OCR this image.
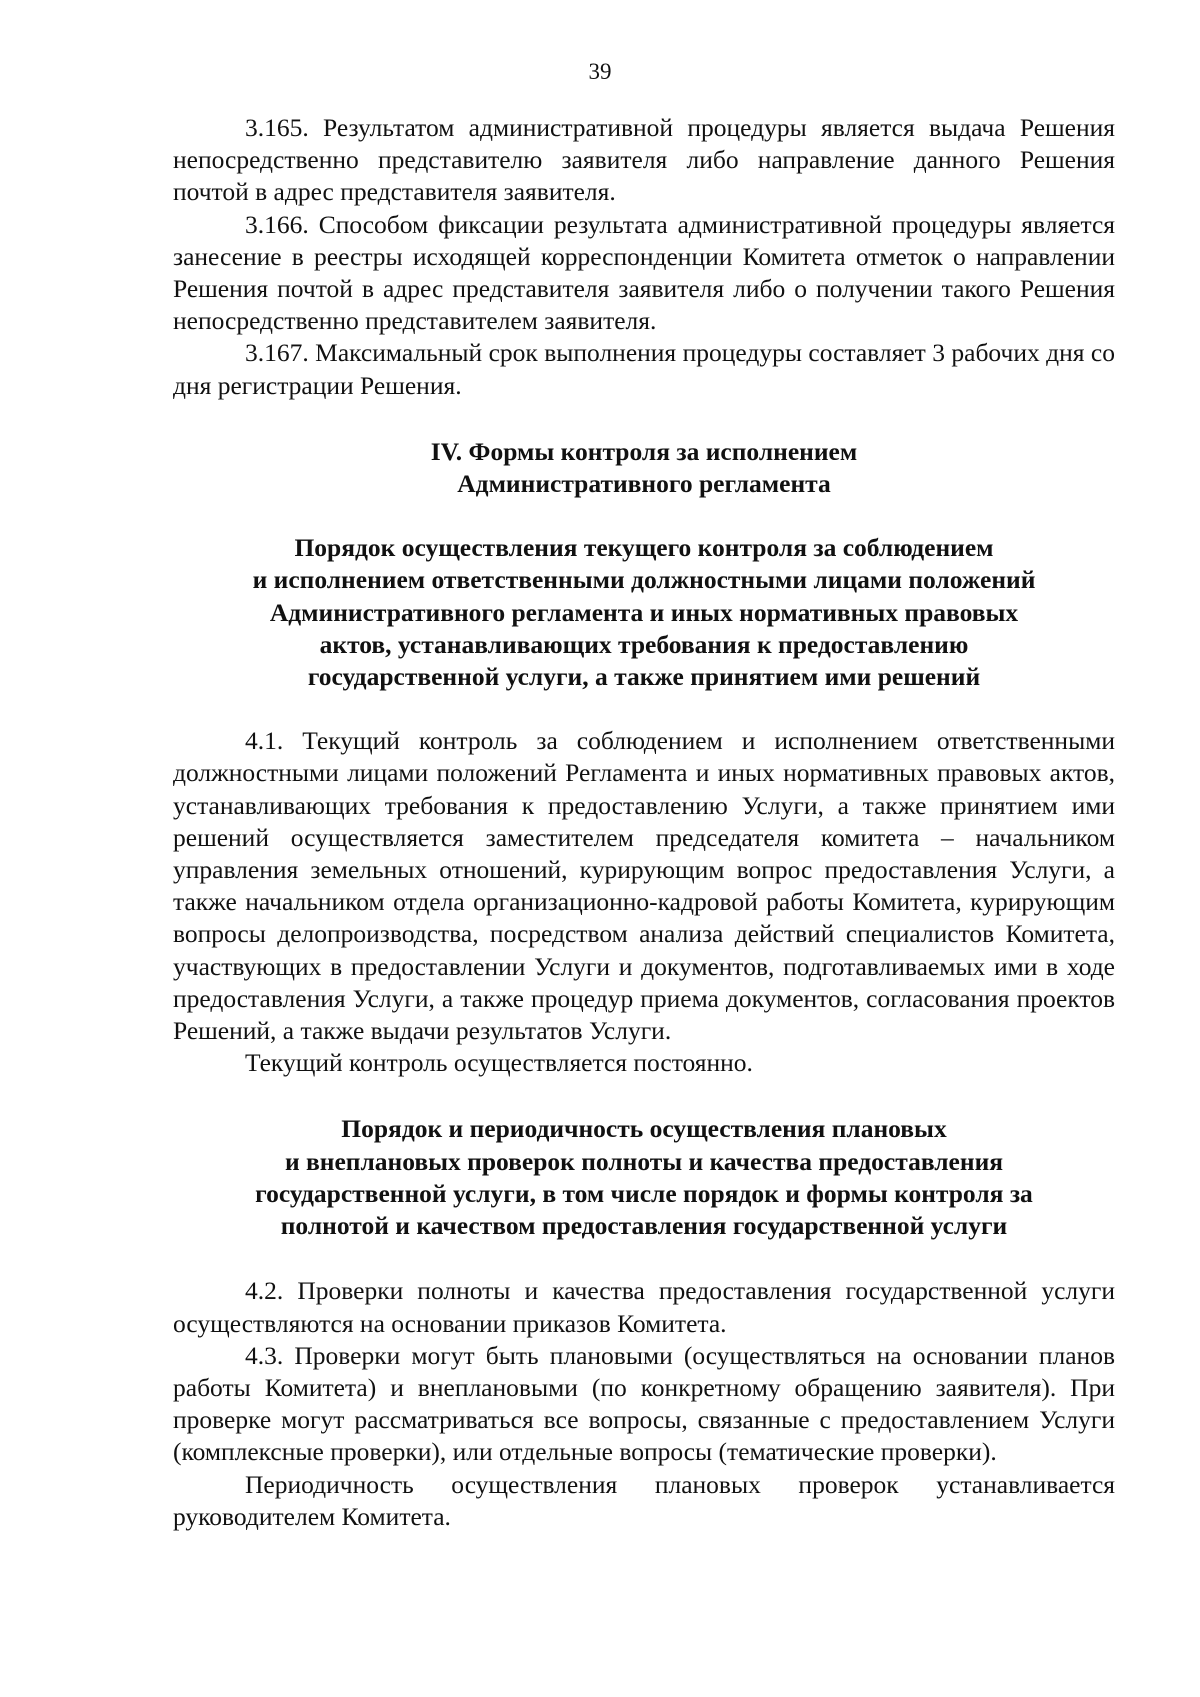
39

3.165. Результатом административной процедуры является выдача Решения непосредственно представителю заявителя либо направление данного Решения почтой в адрес представителя заявителя.

3.166. Способом фиксации результата административной процедуры является занесение в реестры исходящей корреспонденции Комитета отметок о направлении Решения почтой в адрес представителя заявителя либо о получении такого Решения непосредственно представителем заявителя.

3.167. Максимальный срок выполнения процедуры составляет 3 рабочих дня со дня регистрации Решения.

IV. Формы контроля за исполнением
Административного регламента
Порядок осуществления текущего контроля за соблюдением
и исполнением ответственными должностными лицами положений
Административного регламента и иных нормативных правовых
актов, устанавливающих требования к предоставлению
государственной услуги, а также принятием ими решений

4.1. Текущий контроль за соблюдением и исполнением ответственными должностными лицами положений Регламента и иных нормативных правовых актов, устанавливающих требования к предоставлению Услуги, а также принятием ими решений осуществляется заместителем председателя комитета – начальником управления земельных отношений, курирующим вопрос предоставления Услуги, а также начальником отдела организационно-кадровой работы Комитета, курирующим вопросы делопроизводства, посредством анализа действий специалистов Комитета, участвующих в предоставлении Услуги и документов, подготавливаемых ими в ходе предоставления Услуги, а также процедур приема документов, согласования проектов Решений, а также выдачи результатов Услуги.

Текущий контроль осуществляется постоянно.

Порядок и периодичность осуществления плановых
и внеплановых проверок полноты и качества предоставления
государственной услуги, в том числе порядок и формы контроля за
полнотой и качеством предоставления государственной услуги

4.2. Проверки полноты и качества предоставления государственной услуги осуществляются на основании приказов Комитета.

4.3. Проверки могут быть плановыми (осуществляться на основании планов работы Комитета) и внеплановыми (по конкретному обращению заявителя). При проверке могут рассматриваться все вопросы, связанные с предоставлением Услуги (комплексные проверки), или отдельные вопросы (тематические проверки).

Периодичность осуществления плановых проверок устанавливается руководителем Комитета.
